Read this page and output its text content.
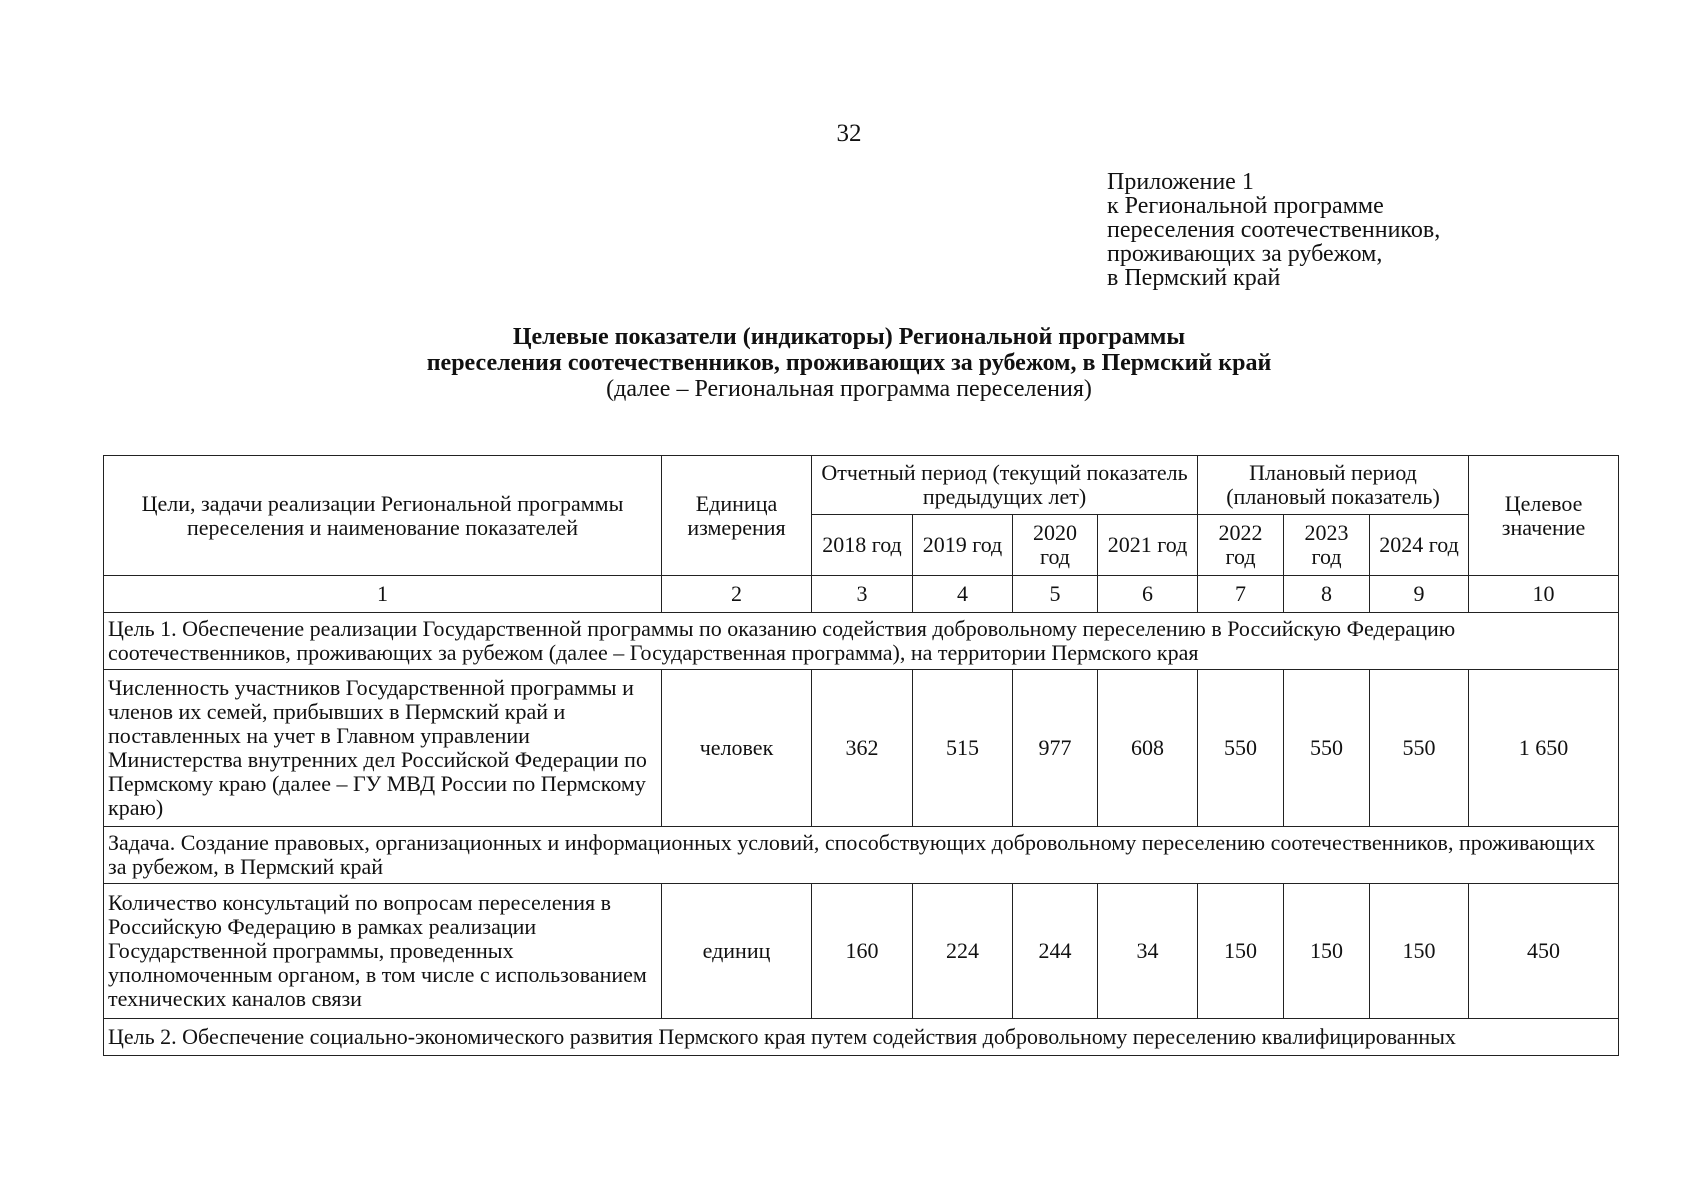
32
Приложение 1
к Региональной программе
переселения соотечественников,
проживающих за рубежом,
в Пермский край
Целевые показатели (индикаторы) Региональной программы
переселения соотечественников, проживающих за рубежом, в Пермский край
(далее – Региональная программа переселения)
Цели, задачи реализации Региональной программы переселения и наименование показателей	Единица измерения	Отчетный период (текущий показатель предыдущих лет)				Плановый период (плановый показатель)			Целевое значение
		2018 год	2019 год	2020 год	2021 год	2022 год	2023 год	2024 год	
1	2	3	4	5	6	7	8	9	10
Цель 1. Обеспечение реализации Государственной программы по оказанию содействия добровольному переселению в Российскую Федерацию соотечественников, проживающих за рубежом (далее – Государственная программа), на территории Пермского края									
Численность участников Государственной программы и членов их семей, прибывших в Пермский край и поставленных на учет в Главном управлении Министерства внутренних дел Российской Федерации по Пермскому краю (далее – ГУ МВД России по Пермскому краю)	человек	362	515	977	608	550	550	550	1 650
Задача. Создание правовых, организационных и информационных условий, способствующих добровольному переселению соотечественников, проживающих за рубежом, в Пермский край									
Количество консультаций по вопросам переселения в Российскую Федерацию в рамках реализации Государственной программы, проведенных уполномоченным органом, в том числе с использованием технических каналов связи	единиц	160	224	244	34	150	150	150	450
Цель 2. Обеспечение социально-экономического развития Пермского края путем содействия добровольному переселению квалифицированных									
